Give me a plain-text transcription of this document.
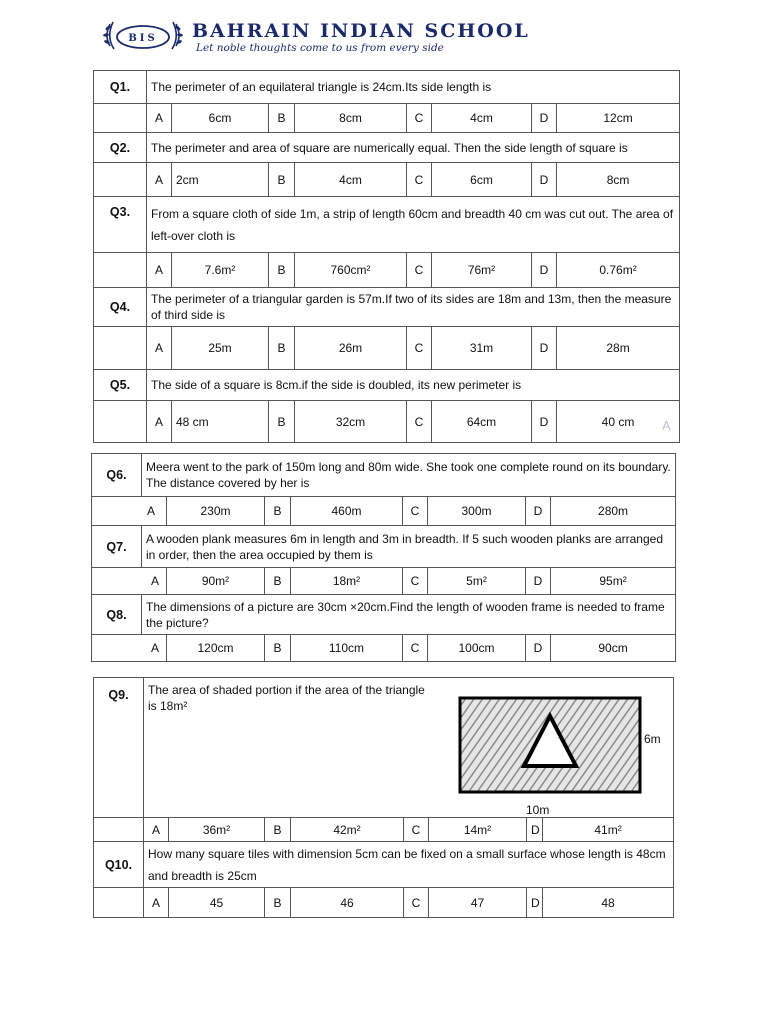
BIS BAHRAIN INDIAN SCHOOL
Let noble thoughts come to us from every side
Q1.	The perimeter of an equilateral triangle is 24cm.Its side length is							
	A	6cm	B	8cm	C	4cm	D	12cm
Q2.	The perimeter and area of square are numerically equal. Then the side length of square is							
	A	2cm	B	4cm	C	6cm	D	8cm
Q3.	From a square cloth of side 1m, a strip of length 60cm and breadth 40 cm was cut out. The area of left-over cloth is							
	A	7.6m²	B	760cm²	C	76m²	D	0.76m²
Q4.	The perimeter of a triangular garden is 57m.If two of its sides are 18m and 13m, then the measure of third side is							
	A	25m	B	26m	C	31m	D	28m
Q5.	The side of a square is 8cm.if the side is doubled, its new perimeter is							
	A	48 cm	B	32cm	C	64cm	D	40 cm A
Q6.	Meera went to the park of 150m long and 80m wide. She took one complete round on its boundary. The distance covered by her is							
A		230m	B	460m	C	300m	D	280m
Q7.	A wooden plank measures 6m in length and 3m in breadth. If 5 such wooden planks are arranged in order, then the area occupied by them is							
A		90m²	B	18m²	C	5m²	D	95m²
Q8.	The dimensions of a picture are 30cm ×20cm.Find the length of wooden frame is needed to frame the picture?							
A		120cm	B	110cm	C	100cm	D	90cm
Q9.	The area of shaded portion if the area of the triangle is 18m²							
	A	36m²	B	42m²	C	14m²	D	41m²
Q10.	How many square tiles with dimension 5cm can be fixed on a small surface whose length is 48cm and breadth is 25cm							
	A	45	B	46	C	47	D	48
6m
10m
